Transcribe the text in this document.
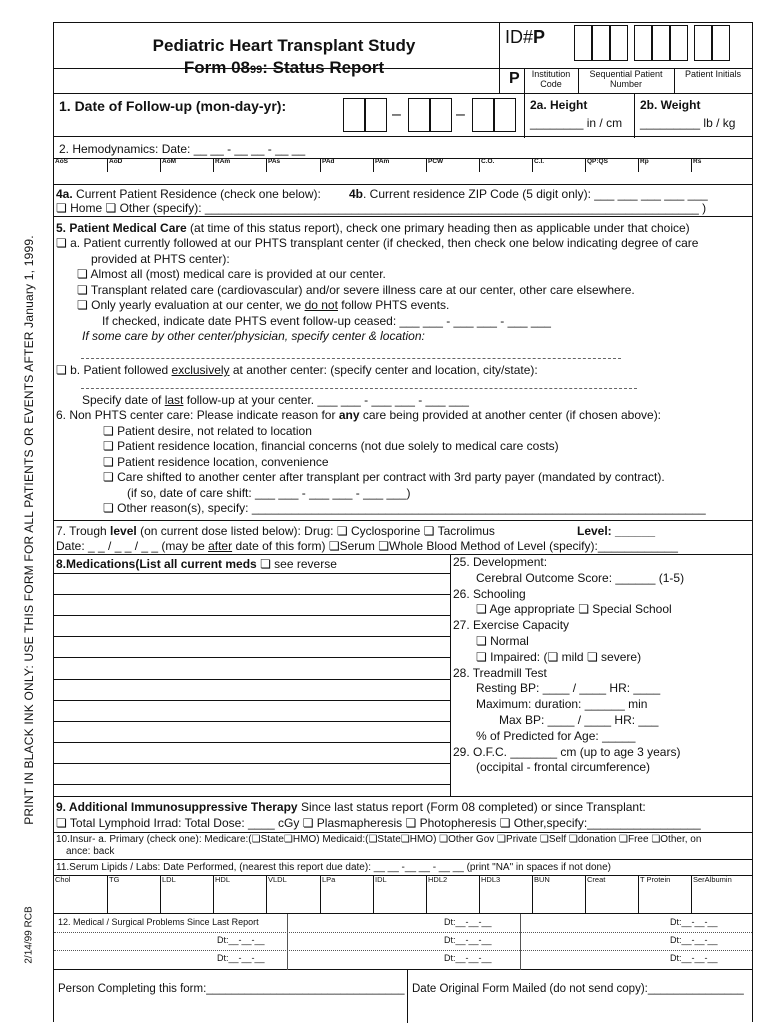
PRINT IN BLACK INK ONLY: USE THIS FORM FOR ALL PATIENTS OR EVENTS AFTER January 1, 1999.
2/14/99 RCB
Pediatric Heart Transplant Study
Form 0899: Status Report
ID#P
P	Institution Code
Sequential Patient Number
Patient Initials
1. Date of Follow-up (mon-day-yr):	–	–
2a. Height
________ in / cm
2b. Weight
_________ lb / kg
2. Hemodynamics: Date: __ __ - __ __ - __ __
AoS	AoD	AoM	RAm	PAs	PAd	PAm	PCW	C.O.	C.I.	QP:QS	Rp	Rs
4a. Current Patient Residence (check one below): 4b. Current residence ZIP Code (5 digit only): ___ ___ ___ ___ ___
❏ Home ❏ Other (specify): __________________________________________________________________________ )
5. Patient Medical Care (at time of this status report), check one primary heading then as applicable under that choice)
❏ a. Patient currently followed at our PHTS transplant center (if checked, then check one below indicating degree of care
provided at PHTS center):
❏ Almost all (most) medical care is provided at our center.
❏ Transplant related care (cardiovascular) and/or severe illness care at our center, other care elsewhere.
❏ Only yearly evaluation at our center, we do not follow PHTS events.
If checked, indicate date PHTS event follow-up ceased: ___ ___ - ___ ___ - ___ ___
If some care by other center/physician, specify center & location:
❏ b. Patient followed exclusively at another center: (specify center and location, city/state):
Specify date of last follow-up at your center. ___ ___ - ___ ___ - ___ ___
6. Non PHTS center care: Please indicate reason for any care being provided at another center (if chosen above):
❏ Patient desire, not related to location
❏ Patient residence location, financial concerns (not due solely to medical care costs)
❏ Patient residence location, convenience
❏ Care shifted to another center after transplant per contract with 3rd party payer (mandated by contract).
(if so, date of care shift: ___ ___ - ___ ___ - ___ ___)
❏ Other reason(s), specify: ____________________________________________________________________
7. Trough level (on current dose listed below): Drug: ❏ Cyclosporine ❏ Tacrolimus	Level: ______
Date: _ _ / _ _ / _ _ (may be after date of this form) ❏ Serum ❏ Whole Blood Method of Level (specify):____________
8.Medications(List all current meds ❏ see reverse	25. Development:
Cerebral Outcome Score: ______ (1-5)
26. Schooling
❏ Age appropriate ❏ Special School
27. Exercise Capacity
❏ Normal
❏ Impaired: ( ❏ mild ❏ severe)
28. Treadmill Test
Resting BP: ____ / ____ HR: ____
Maximum: duration: ______ min
Max BP: ____ / ____ HR: ___
% of Predicted for Age: _____
29. O.F.C. _______ cm (up to age 3 years)
(occipital - frontal circumference)
9. Additional Immunosuppressive Therapy Since last status report (Form 08 completed) or since Transplant:
❏ Total Lymphoid Irrad: Total Dose: ____ cGy ❏ Plasmapheresis ❏ Photopheresis ❏ Other,specify:_________________
10.Insur- a. Primary (check one): Medicare:(❏State❏HMO) Medicaid:(❏State❏HMO) ❏Other Gov ❏Private ❏Self ❏donation ❏Free ❏Other, on
ance: back
11.Serum Lipids / Labs: Date Performed, (nearest this report due date): __ __ -__ __ - __ __ (print "NA" in spaces if not done)
Chol	TG	LDL	HDL	VLDL	LPa	IDL	HDL2	HDL3	BUN	Creat	T Protein	SerAlbumin
12. Medical / Surgical Problems Since Last Report	Dt:__-__-__	Dt:__-__-__
Dt:__-__-__	Dt:__-__-__	Dt:__-__-__
Dt:__-__-__	Dt:__-__-__	Dt:__-__-__
Person Completing this form:_______________________________ Date Original Form Mailed (do not send copy):_______________
